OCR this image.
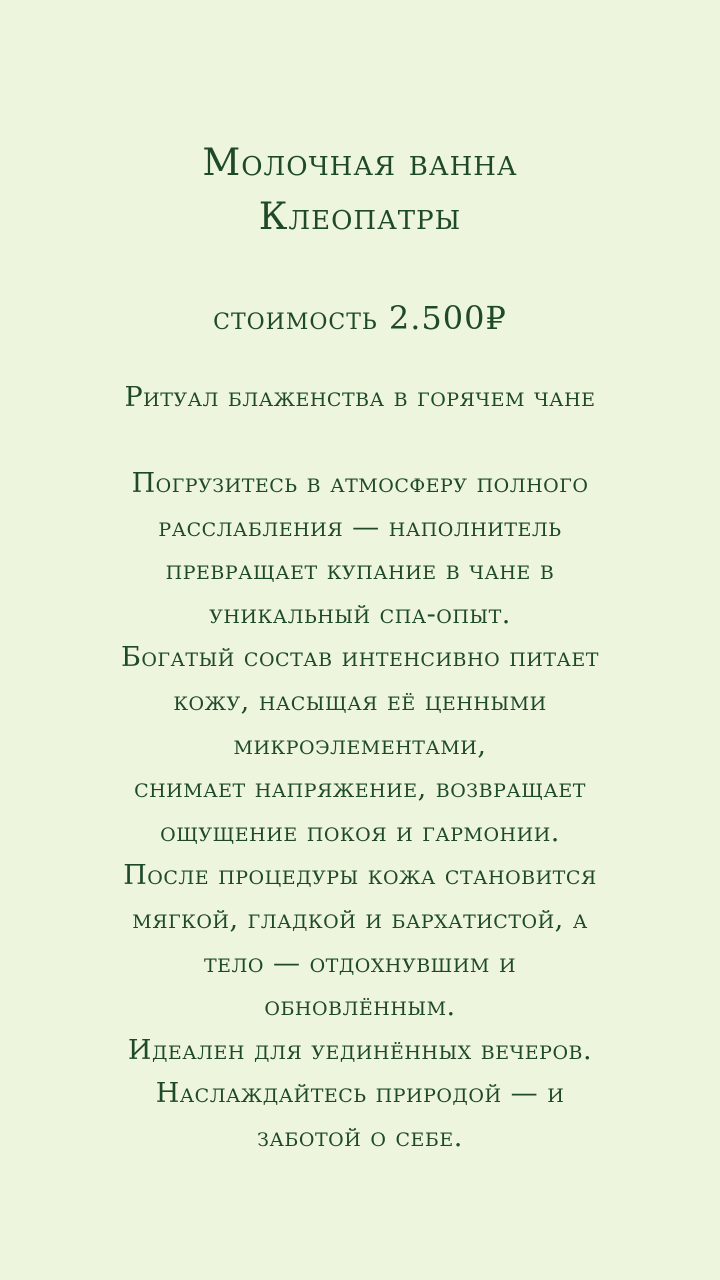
Молочная ванна
Клеопатры

стоимость 2.500₽

Ритуал блаженства в горячем чане

Погрузитесь в атмосферу полного
расслабления — наполнитель
превращает купание в чане в
уникальный спа-опыт.
Богатый состав интенсивно питает
кожу, насыщая её ценными
микроэлементами,
снимает напряжение, возвращает
ощущение покоя и гармонии.
После процедуры кожа становится
мягкой, гладкой и бархатистой, а
тело — отдохнувшим и
обновлённым.
Идеален для уединённых вечеров.
Наслаждайтесь природой — и
заботой о себе.
